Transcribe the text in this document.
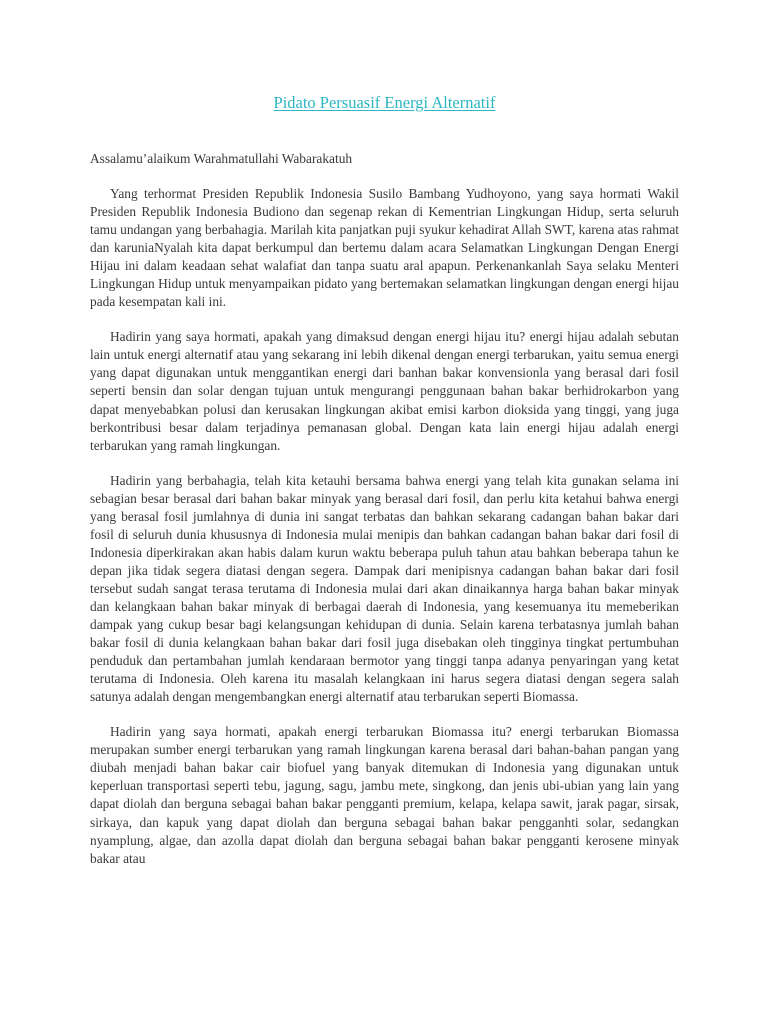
Pidato Persuasif Energi Alternatif

Assalamu’alaikum Warahmatullahi Wabarakatuh

Yang terhormat Presiden Republik Indonesia Susilo Bambang Yudhoyono, yang saya hormati Wakil Presiden Republik Indonesia Budiono dan segenap rekan di Kementrian Lingkungan Hidup, serta seluruh tamu undangan yang berbahagia. Marilah kita panjatkan puji syukur kehadirat Allah SWT, karena atas rahmat dan karuniaNyalah kita dapat berkumpul dan bertemu dalam acara Selamatkan Lingkungan Dengan Energi Hijau ini dalam keadaan sehat walafiat dan tanpa suatu aral apapun. Perkenankanlah Saya selaku Menteri Lingkungan Hidup untuk menyampaikan pidato yang bertemakan selamatkan lingkungan dengan energi hijau pada kesempatan kali ini.

Hadirin yang saya hormati, apakah yang dimaksud dengan energi hijau itu? energi hijau adalah sebutan lain untuk energi alternatif atau yang sekarang ini lebih dikenal dengan energi terbarukan, yaitu semua energi yang dapat digunakan untuk menggantikan energi dari banhan bakar konvensionla yang berasal dari fosil seperti bensin dan solar dengan tujuan untuk mengurangi penggunaan bahan bakar berhidrokarbon yang dapat menyebabkan polusi dan kerusakan lingkungan akibat emisi karbon dioksida yang tinggi, yang juga berkontribusi besar dalam terjadinya pemanasan global. Dengan kata lain energi hijau adalah energi terbarukan yang ramah lingkungan.

Hadirin yang berbahagia, telah kita ketauhi bersama bahwa energi yang telah kita gunakan selama ini sebagian besar berasal dari bahan bakar minyak yang berasal dari fosil, dan perlu kita ketahui bahwa energi yang berasal fosil jumlahnya di dunia ini sangat terbatas dan bahkan sekarang cadangan bahan bakar dari fosil di seluruh dunia khususnya di Indonesia mulai menipis dan bahkan cadangan bahan bakar dari fosil di Indonesia diperkirakan akan habis dalam kurun waktu beberapa puluh tahun atau bahkan beberapa tahun ke depan jika tidak segera diatasi dengan segera. Dampak dari menipisnya cadangan bahan bakar dari fosil tersebut sudah sangat terasa terutama di Indonesia mulai dari akan dinaikannya harga bahan bakar minyak dan kelangkaan bahan bakar minyak di berbagai daerah di Indonesia, yang kesemuanya itu memeberikan dampak yang cukup besar bagi kelangsungan kehidupan di dunia. Selain karena terbatasnya jumlah bahan bakar fosil di dunia kelangkaan bahan bakar dari fosil juga disebakan oleh tingginya tingkat pertumbuhan penduduk dan pertambahan jumlah kendaraan bermotor yang tinggi tanpa adanya penyaringan yang ketat terutama di Indonesia. Oleh karena itu masalah kelangkaan ini harus segera diatasi dengan segera salah satunya adalah dengan mengembangkan energi alternatif atau terbarukan seperti Biomassa.

Hadirin yang saya hormati, apakah energi terbarukan Biomassa itu? energi terbarukan Biomassa merupakan sumber energi terbarukan yang ramah lingkungan karena berasal dari bahan-bahan pangan yang diubah menjadi bahan bakar cair biofuel yang banyak ditemukan di Indonesia yang digunakan untuk keperluan transportasi seperti tebu, jagung, sagu, jambu mete, singkong, dan jenis ubi-ubian yang lain yang dapat diolah dan berguna sebagai bahan bakar pengganti premium, kelapa, kelapa sawit, jarak pagar, sirsak, sirkaya, dan kapuk yang dapat diolah dan berguna sebagai bahan bakar pengganhti solar, sedangkan nyamplung, algae, dan azolla dapat diolah dan berguna sebagai bahan bakar pengganti kerosene minyak bakar atau
